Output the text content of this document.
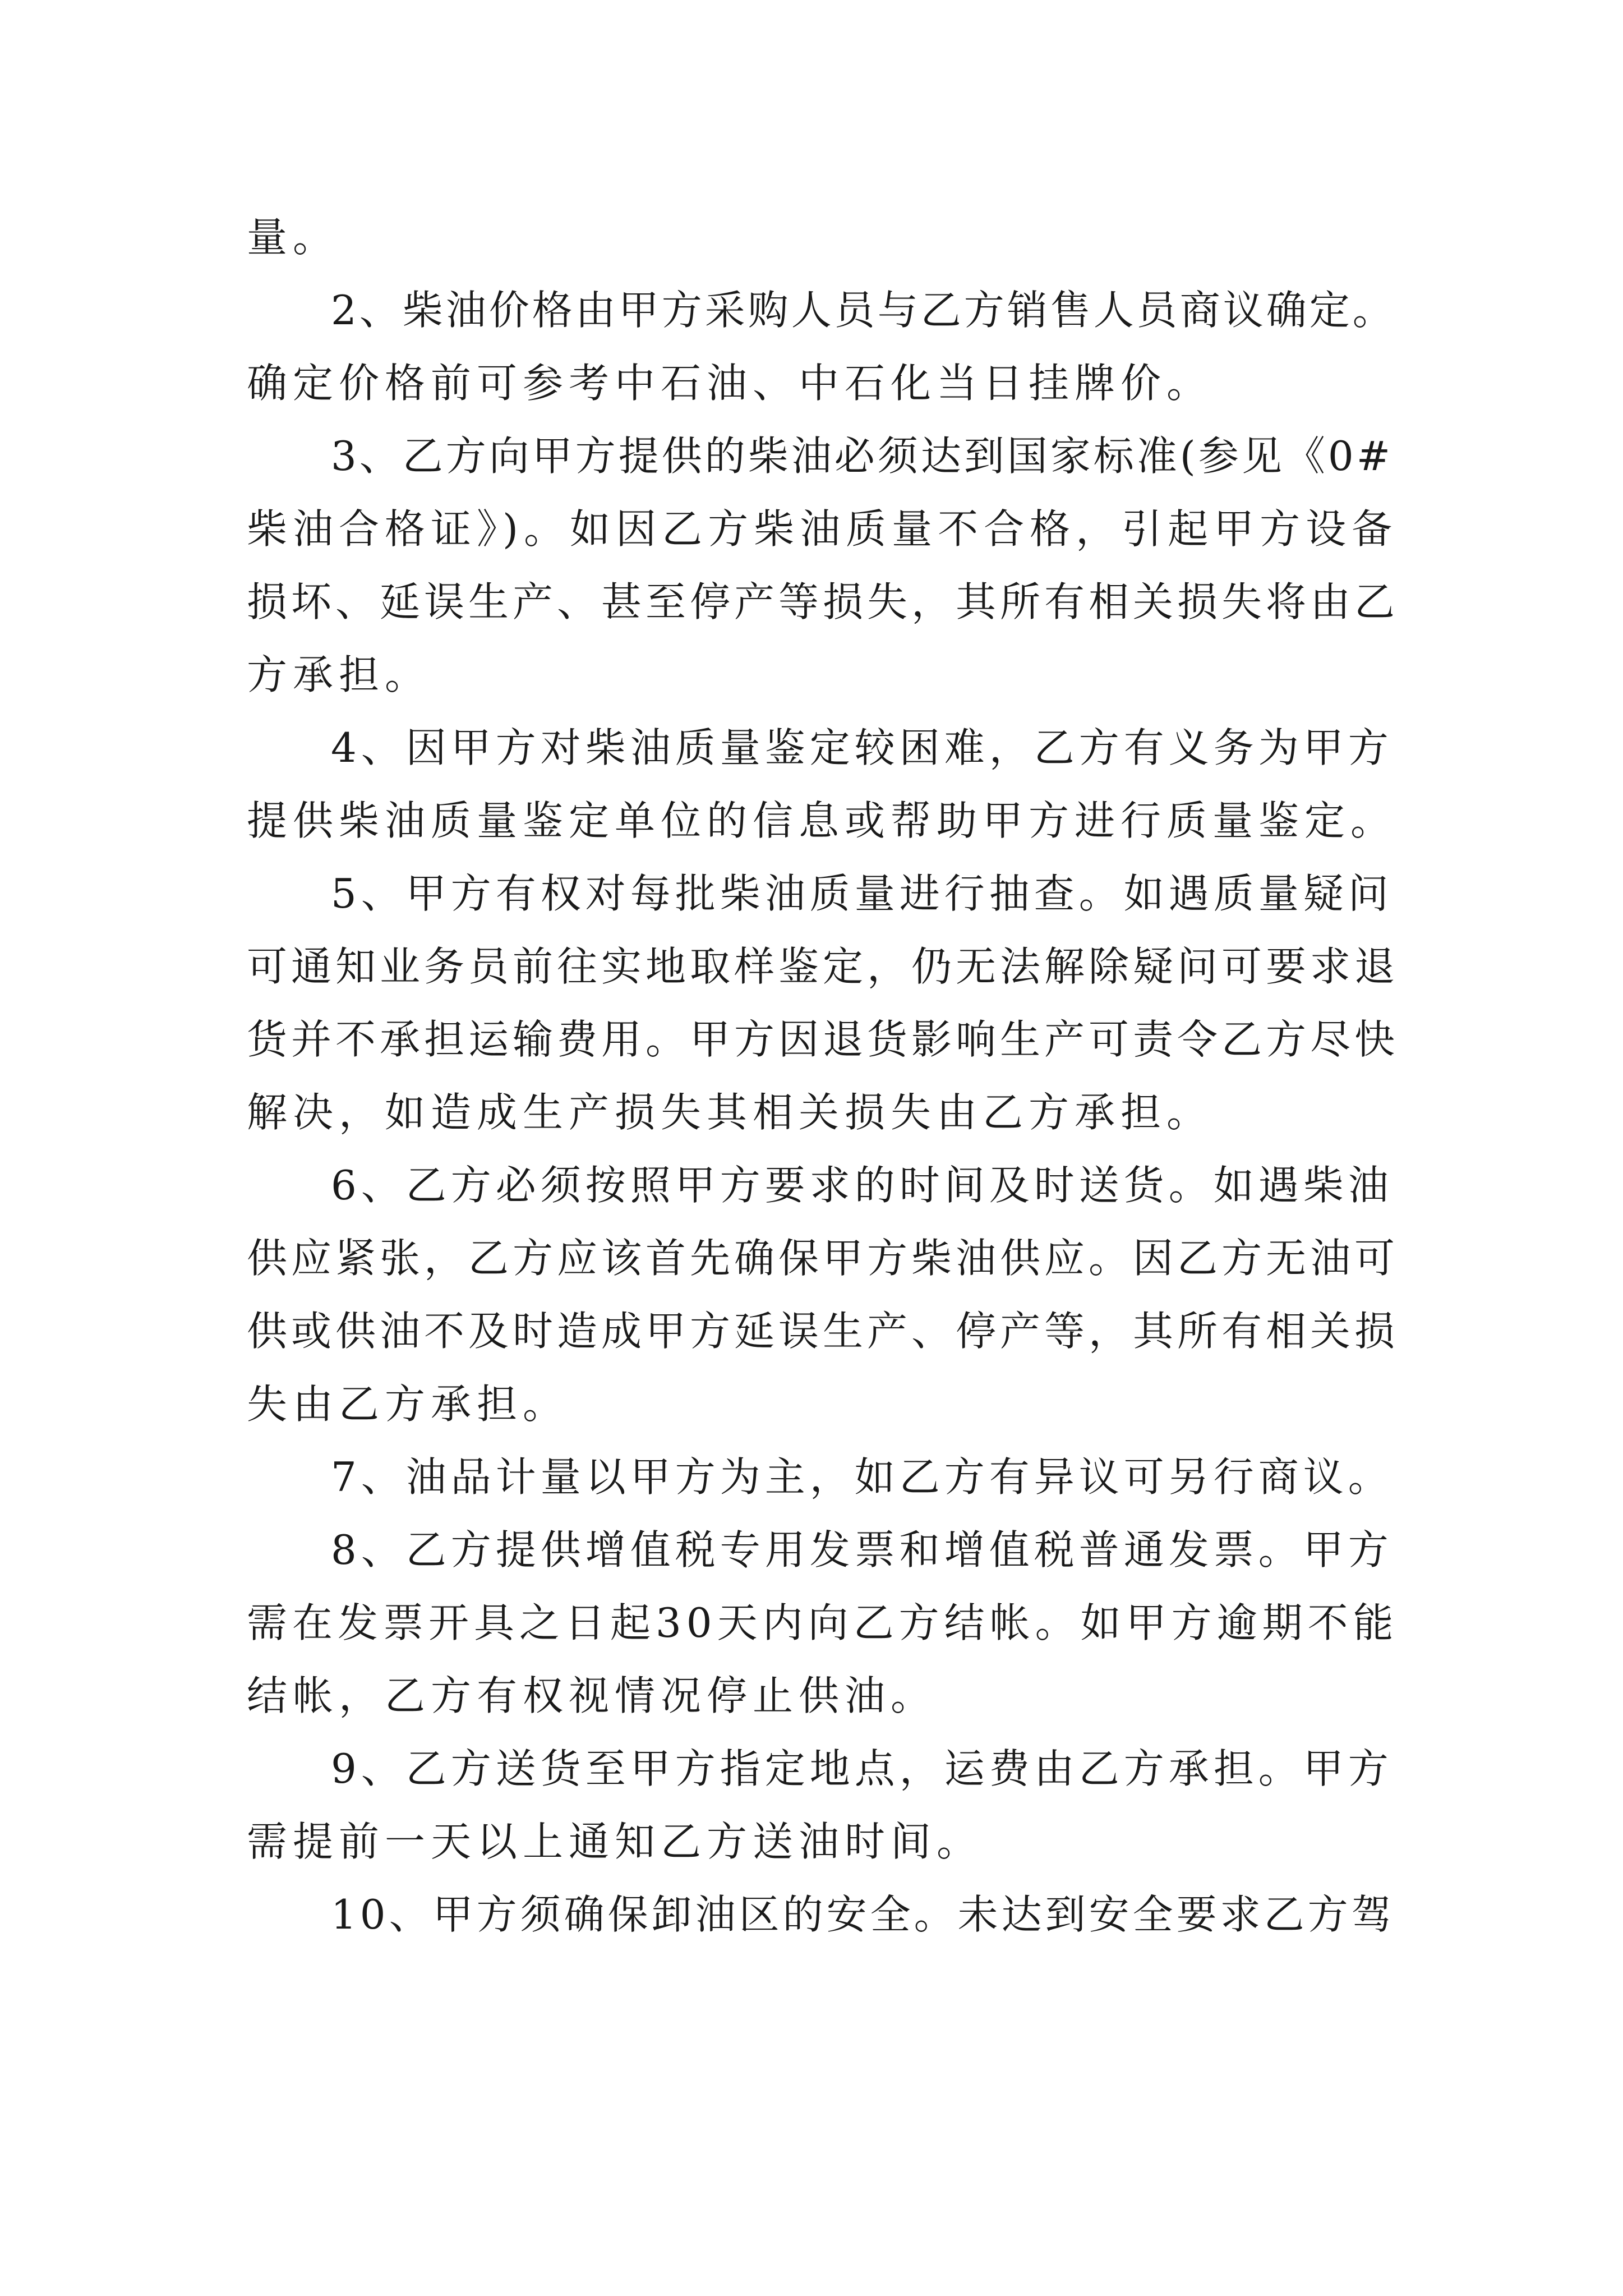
量。
2、柴油价格由甲方采购人员与乙方销售人员商议确定。
确定价格前可参考中石油、中石化当日挂牌价。
3、乙方向甲方提供的柴油必须达到国家标准(参见《0#
柴油合格证》)。如因乙方柴油质量不合格，引起甲方设备
损坏、延误生产、甚至停产等损失，其所有相关损失将由乙
方承担。
4、因甲方对柴油质量鉴定较困难，乙方有义务为甲方
提供柴油质量鉴定单位的信息或帮助甲方进行质量鉴定。
5、甲方有权对每批柴油质量进行抽查。如遇质量疑问
可通知业务员前往实地取样鉴定，仍无法解除疑问可要求退
货并不承担运输费用。甲方因退货影响生产可责令乙方尽快
解决，如造成生产损失其相关损失由乙方承担。
6、乙方必须按照甲方要求的时间及时送货。如遇柴油
供应紧张，乙方应该首先确保甲方柴油供应。因乙方无油可
供或供油不及时造成甲方延误生产、停产等，其所有相关损
失由乙方承担。
7、油品计量以甲方为主，如乙方有异议可另行商议。
8、乙方提供增值税专用发票和增值税普通发票。甲方
需在发票开具之日起30天内向乙方结帐。如甲方逾期不能
结帐，乙方有权视情况停止供油。
9、乙方送货至甲方指定地点，运费由乙方承担。甲方
需提前一天以上通知乙方送油时间。
10、甲方须确保卸油区的安全。未达到安全要求乙方驾
